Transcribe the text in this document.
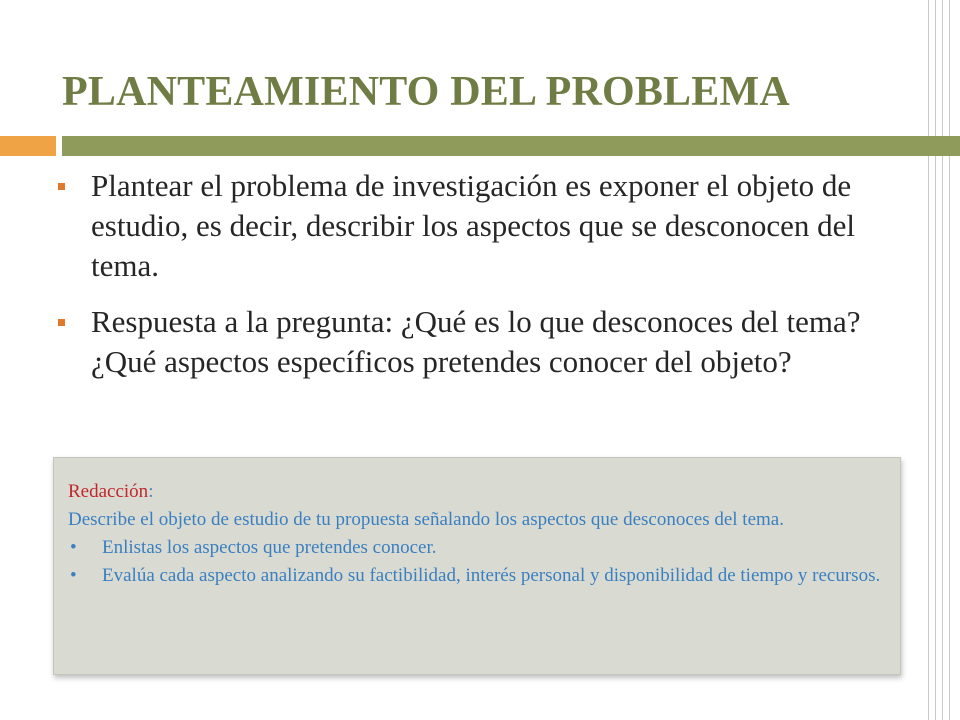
PLANTEAMIENTO DEL PROBLEMA
Plantear el problema de investigación es exponer el objeto de estudio, es decir, describir los aspectos que se desconocen del tema.
Respuesta a la pregunta: ¿Qué es lo que desconoces del tema? ¿Qué aspectos específicos pretendes conocer del objeto?
Redacción:
Describe el objeto de estudio de tu propuesta señalando los aspectos que desconoces del tema.
• Enlistas los aspectos que pretendes conocer.
• Evalúa cada aspecto analizando su factibilidad, interés personal y disponibilidad de tiempo y recursos.
